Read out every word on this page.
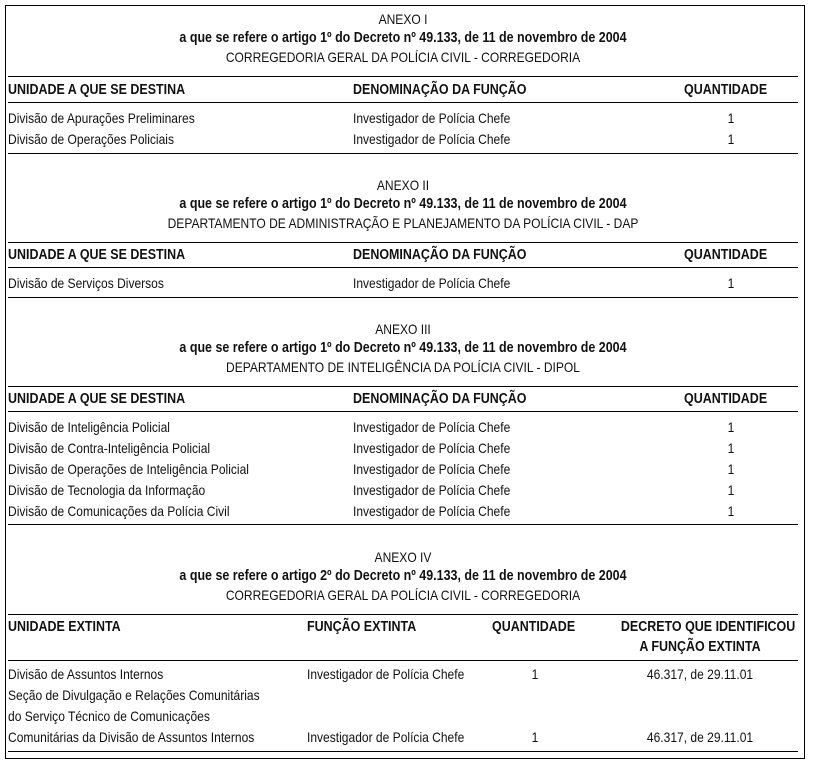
ANEXO I
a que se refere o artigo 1º do Decreto nº 49.133, de 11 de novembro de 2004
CORREGEDORIA GERAL DA POLÍCIA CIVIL - CORREGEDORIA
UNIDADE A QUE SE DESTINA	DENOMINAÇÃO DA FUNÇÃO	QUANTIDADE
Divisão de Apurações Preliminares	Investigador de Polícia Chefe	1
Divisão de Operações Policiais	Investigador de Polícia Chefe	1
ANEXO II
a que se refere o artigo 1º do Decreto nº 49.133, de 11 de novembro de 2004
DEPARTAMENTO DE ADMINISTRAÇÃO E PLANEJAMENTO DA POLÍCIA CIVIL - DAP
UNIDADE A QUE SE DESTINA	DENOMINAÇÃO DA FUNÇÃO	QUANTIDADE
Divisão de Serviços Diversos	Investigador de Polícia Chefe	1
ANEXO III
a que se refere o artigo 1º do Decreto nº 49.133, de 11 de novembro de 2004
DEPARTAMENTO DE INTELIGÊNCIA DA POLÍCIA CIVIL - DIPOL
UNIDADE A QUE SE DESTINA	DENOMINAÇÃO DA FUNÇÃO	QUANTIDADE
Divisão de Inteligência Policial	Investigador de Polícia Chefe	1
Divisão de Contra-Inteligência Policial	Investigador de Polícia Chefe	1
Divisão de Operações de Inteligência Policial	Investigador de Polícia Chefe	1
Divisão de Tecnologia da Informação	Investigador de Polícia Chefe	1
Divisão de Comunicações da Polícia Civil	Investigador de Polícia Chefe	1
ANEXO IV
a que se refere o artigo 2º do Decreto nº 49.133, de 11 de novembro de 2004
CORREGEDORIA GERAL DA POLÍCIA CIVIL - CORREGEDORIA
UNIDADE EXTINTA	FUNÇÃO EXTINTA	QUANTIDADE	DECRETO QUE IDENTIFICOU
A FUNÇÃO EXTINTA
Divisão de Assuntos Internos	Investigador de Polícia Chefe	1	46.317, de 29.11.01
Seção de Divulgação e Relações Comunitárias
do Serviço Técnico de Comunicações
Comunitárias da Divisão de Assuntos Internos	Investigador de Polícia Chefe	1	46.317, de 29.11.01
